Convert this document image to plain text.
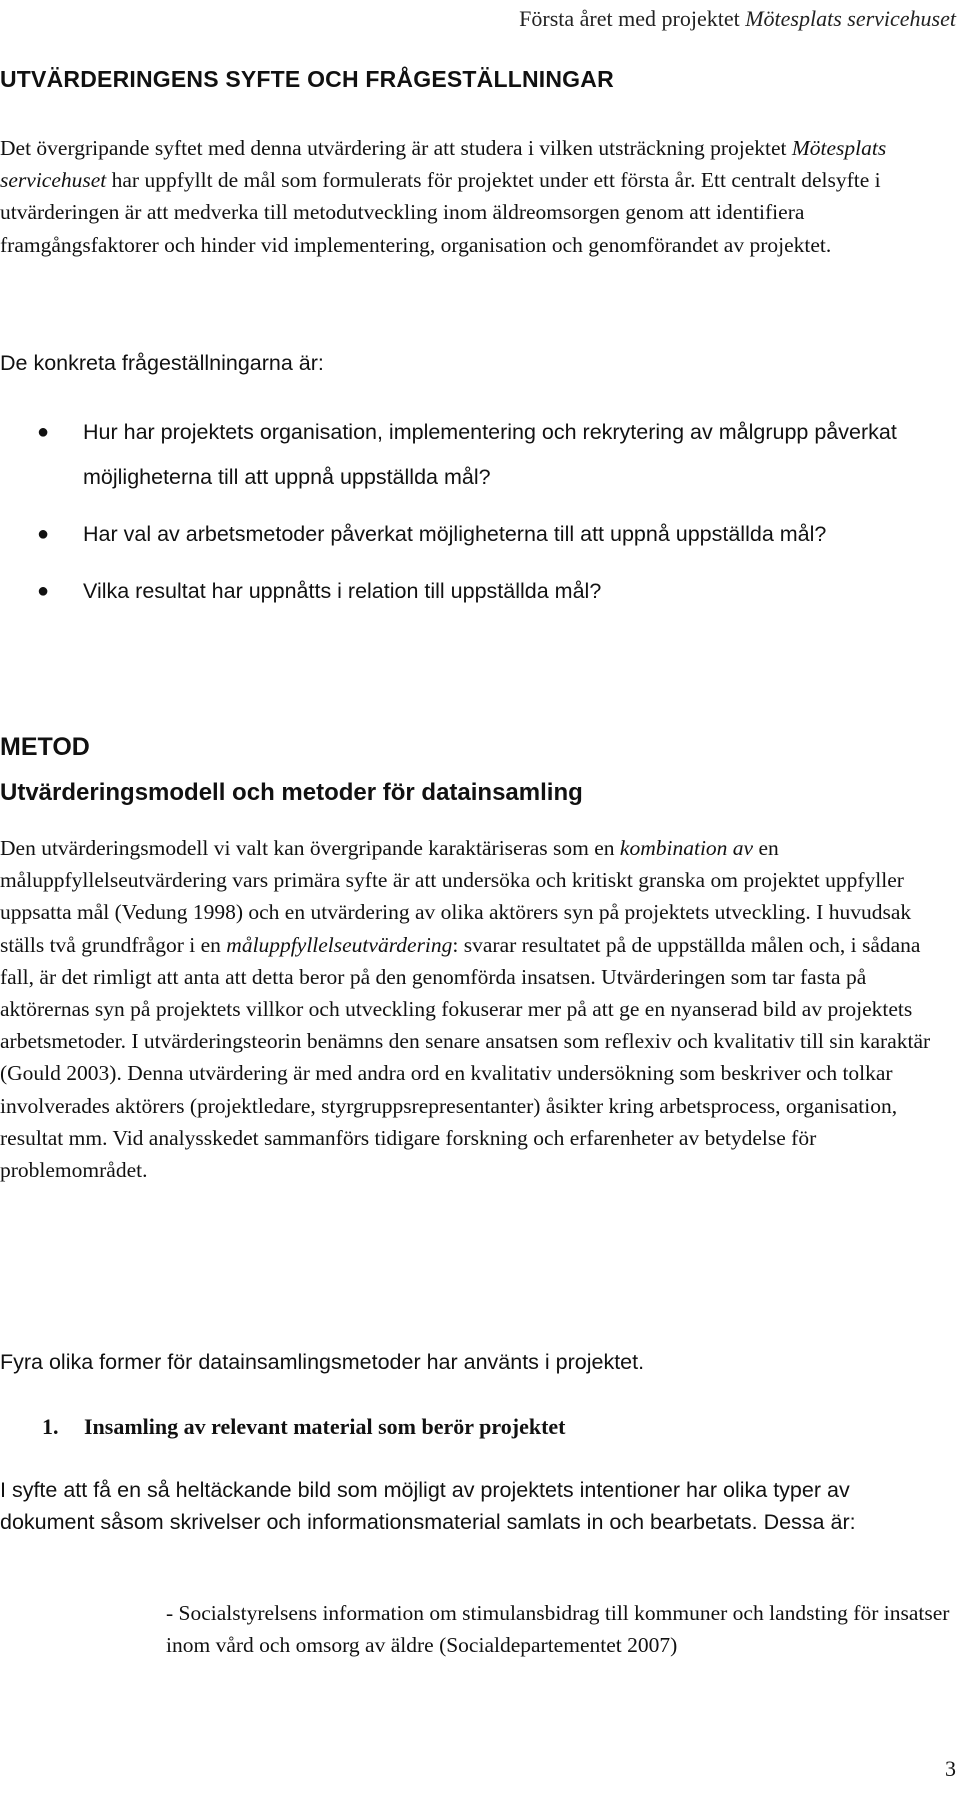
Första året med projektet Mötesplats servicehuset
UTVÄRDERINGENS SYFTE OCH FRÅGESTÄLLNINGAR

Det övergripande syftet med denna utvärdering är att studera i vilken utsträckning projektet Mötesplats servicehuset har uppfyllt de mål som formulerats för projektet under ett första år. Ett centralt delsyfte i utvärderingen är att medverka till metodutveckling inom äldreomsorgen genom att identifiera framgångsfaktorer och hinder vid implementering, organisation och genomförandet av projektet.

De konkreta frågeställningarna är:

● Hur har projektets organisation, implementering och rekrytering av målgrupp påverkat möjligheterna till att uppnå uppställda mål?
● Har val av arbetsmetoder påverkat möjligheterna till att uppnå uppställda mål?
● Vilka resultat har uppnåtts i relation till uppställda mål?
METOD
Utvärderingsmodell och metoder för datainsamling

Den utvärderingsmodell vi valt kan övergripande karaktäriseras som en kombination av en måluppfyllelseutvärdering vars primära syfte är att undersöka och kritiskt granska om projektet uppfyller uppsatta mål (Vedung 1998) och en utvärdering av olika aktörers syn på projektets utveckling. I huvudsak ställs två grundfrågor i en måluppfyllelseutvärdering: svarar resultatet på de uppställda målen och, i sådana fall, är det rimligt att anta att detta beror på den genomförda insatsen. Utvärderingen som tar fasta på aktörernas syn på projektets villkor och utveckling fokuserar mer på att ge en nyanserad bild av projektets arbetsmetoder. I utvärderingsteorin benämns den senare ansatsen som reflexiv och kvalitativ till sin karaktär (Gould 2003). Denna utvärdering är med andra ord en kvalitativ undersökning som beskriver och tolkar involverades aktörers (projektledare, styrgruppsrepresentanter) åsikter kring arbetsprocess, organisation, resultat mm. Vid analysskedet sammanförs tidigare forskning och erfarenheter av betydelse för problemområdet.

Fyra olika former för datainsamlingsmetoder har använts i projektet.

1. Insamling av relevant material som berör projektet

I syfte att få en så heltäckande bild som möjligt av projektets intentioner har olika typer av dokument såsom skrivelser och informationsmaterial samlats in och bearbetats. Dessa är:

- Socialstyrelsens information om stimulansbidrag till kommuner och landsting för insatser inom vård och omsorg av äldre (Socialdepartementet 2007)

3
